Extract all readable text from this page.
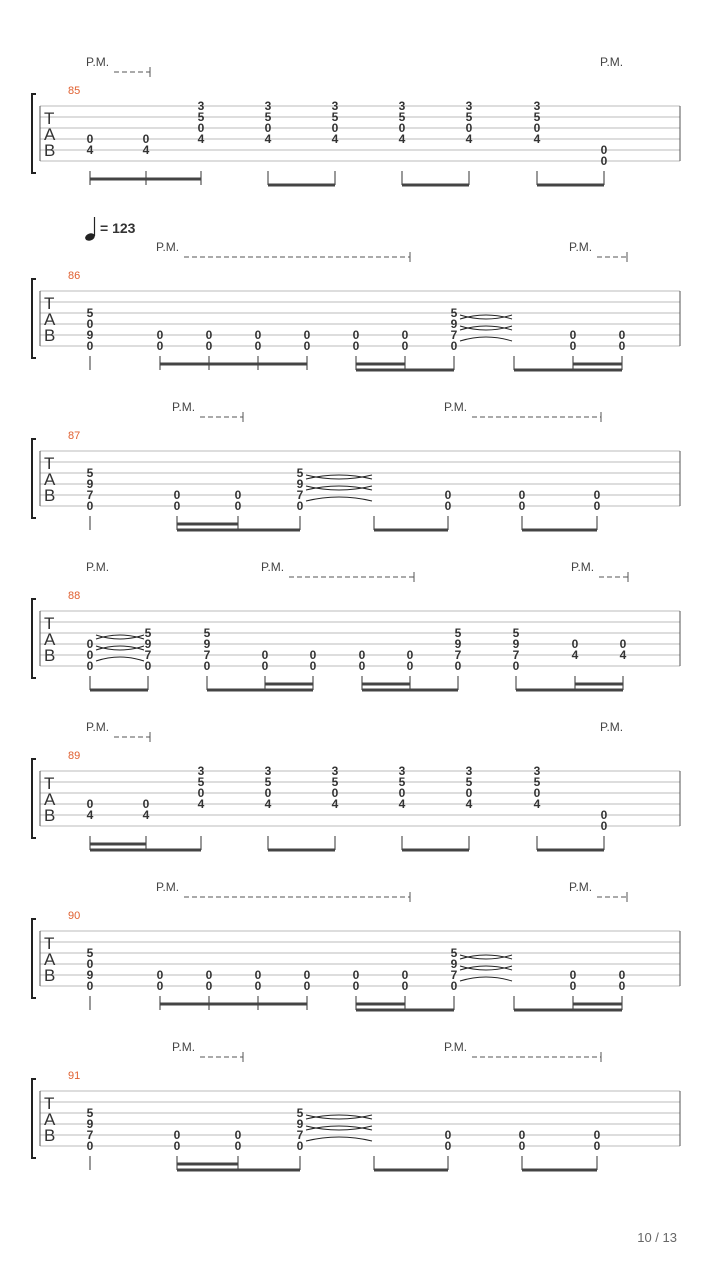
T
A
B
85
P.M.	P.M.
0
4
0
4
3
5
0
4
3
5
0
4
3
5
0
4
3
5
0
4
3
5
0
4
3
5
0
4
0
0
T
A
B
86
= 123
P.M.	P.M.
5
0
9
0
0
0
0
0
0
0
0
0
0
0
0
0
5
9
7
0
0
0
0
0
T
A
B
87
P.M.	P.M.
5
9
7
0
0
0
0
0
5
9
7
0
0
0
0
0
0
0
T
A
B
88
P.M.	P.M.	P.M.
0
0
0
5
9
7
0
5
9
7
0
0
0
0
0
0
0
0
0
5
9
7
0
5
9
7
0
0
4
0
4
T
A
B
89
P.M.	P.M.
0
4
0
4
3
5
0
4
3
5
0
4
3
5
0
4
3
5
0
4
3
5
0
4
3
5
0
4
0
0
T
A
B
90
P.M.	P.M.
5
0
9
0
0
0
0
0
0
0
0
0
0
0
0
0
5
9
7
0
0
0
0
0
T
A
B
91
P.M.	P.M.
5
9
7
0
0
0
0
0
5
9
7
0
0
0
0
0
0
0
10 / 13
